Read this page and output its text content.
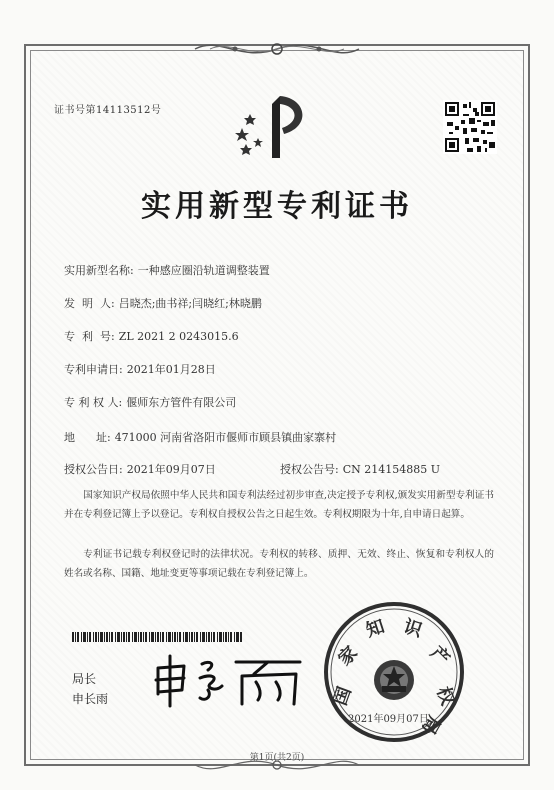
证书号第14113512号
实用新型专利证书
实用新型名称: 一种感应圈沿轨道调整装置
发  明  人: 吕晓杰;曲书祥;闫晓红;林晓鹏
专  利  号: ZL 2021 2 0243015.6
专利申请日: 2021年01月28日
专 利 权 人: 偃师东方管件有限公司
地      址: 471000 河南省洛阳市偃师市顾县镇曲家寨村
授权公告日: 2021年09月07日	授权公告号: CN 214154885 U
国家知识产权局依照中华人民共和国专利法经过初步审查,决定授予专利权,颁发实用新型专利证书并在专利登记簿上予以登记。专利权自授权公告之日起生效。专利权期限为十年,自申请日起算。
专利证书记载专利权登记时的法律状况。专利权的转移、质押、无效、终止、恢复和专利权人的姓名或名称、国籍、地址变更等事项记载在专利登记簿上。
局长
申长雨	国
家
知 识
产
权
局
2021年09月07日
第1页(共2页)
